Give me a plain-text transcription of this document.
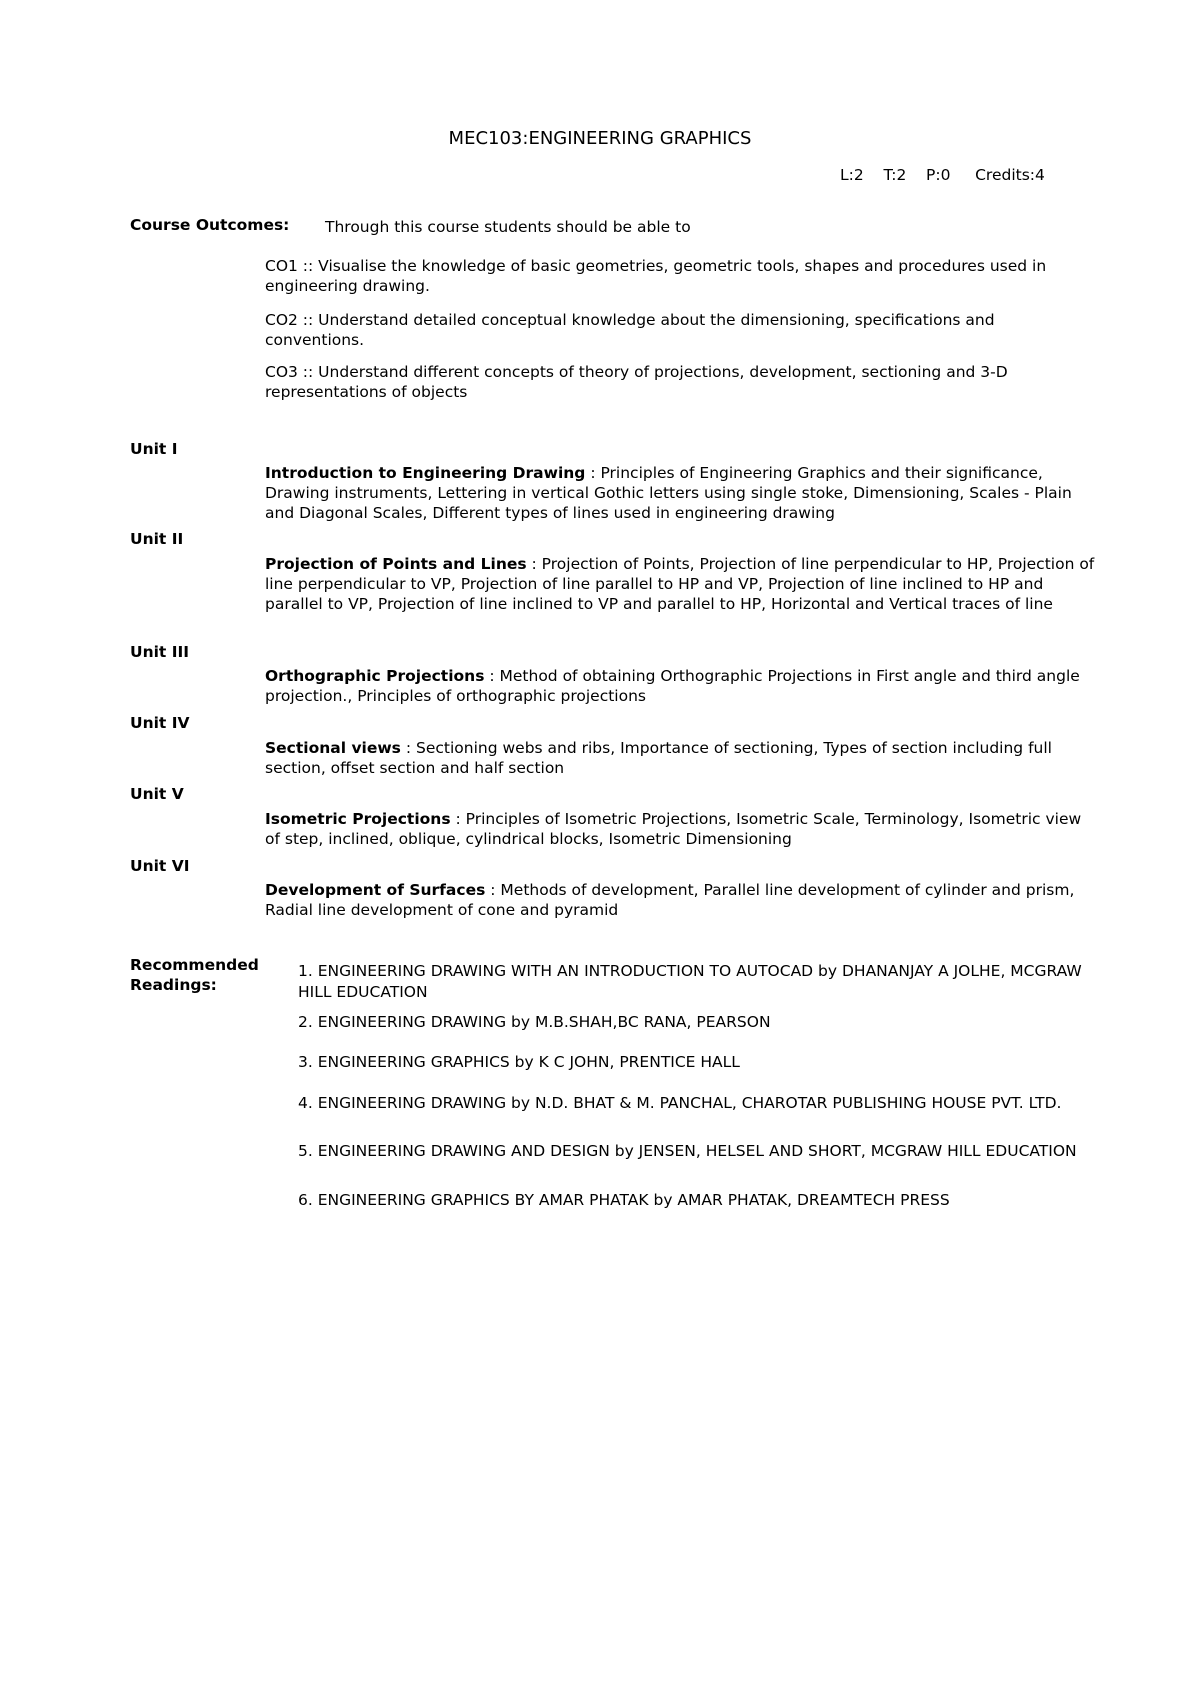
MEC103:ENGINEERING GRAPHICS
L:2 T:2 P:0 Credits:4
Course Outcomes: Through this course students should be able to
CO1 :: Visualise the knowledge of basic geometries, geometric tools, shapes and procedures used in engineering drawing.
CO2 :: Understand detailed conceptual knowledge about the dimensioning, specifications and conventions.
CO3 :: Understand different concepts of theory of projections, development, sectioning and 3-D representations of objects
Unit I
Introduction to Engineering Drawing : Principles of Engineering Graphics and their significance, Drawing instruments, Lettering in vertical Gothic letters using single stoke, Dimensioning, Scales - Plain and Diagonal Scales, Different types of lines used in engineering drawing
Unit II
Projection of Points and Lines : Projection of Points, Projection of line perpendicular to HP, Projection of line perpendicular to VP, Projection of line parallel to HP and VP, Projection of line inclined to HP and parallel to VP, Projection of line inclined to VP and parallel to HP, Horizontal and Vertical traces of line
Unit III
Orthographic Projections : Method of obtaining Orthographic Projections in First angle and third angle projection., Principles of orthographic projections
Unit IV
Sectional views : Sectioning webs and ribs, Importance of sectioning, Types of section including full section, offset section and half section
Unit V
Isometric Projections : Principles of Isometric Projections, Isometric Scale, Terminology, Isometric view of step, inclined, oblique, cylindrical blocks, Isometric Dimensioning
Unit VI
Development of Surfaces : Methods of development, Parallel line development of cylinder and prism, Radial line development of cone and pyramid
Recommended
Readings:
1. ENGINEERING DRAWING WITH AN INTRODUCTION TO AUTOCAD by DHANANJAY A JOLHE, MCGRAW HILL EDUCATION
2. ENGINEERING DRAWING by M.B.SHAH,BC RANA, PEARSON
3. ENGINEERING GRAPHICS by K C JOHN, PRENTICE HALL
4. ENGINEERING DRAWING by N.D. BHAT & M. PANCHAL, CHAROTAR PUBLISHING HOUSE PVT. LTD.
5. ENGINEERING DRAWING AND DESIGN by JENSEN, HELSEL AND SHORT, MCGRAW HILL EDUCATION
6. ENGINEERING GRAPHICS BY AMAR PHATAK by AMAR PHATAK, DREAMTECH PRESS
